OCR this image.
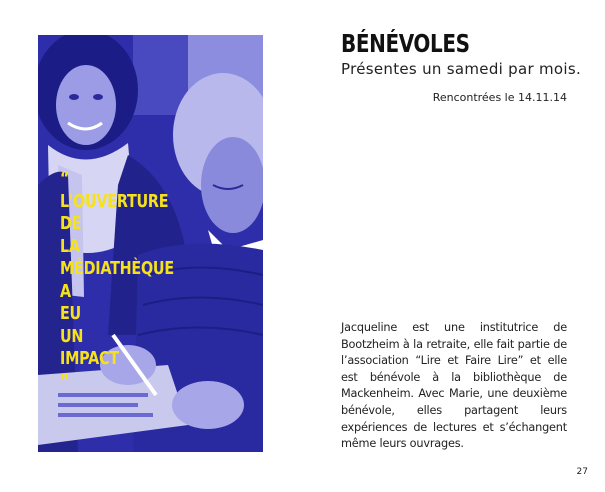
“
L'OUVERTURE
DE
LA
MÉDIATHÈQUE
A
EU
UN
IMPACT
”
BÉNÉVOLES
Présentes un samedi par mois.
Rencontrées le 14.11.14
Jacqueline est une institutrice de Bootzheim à la retraite, elle fait partie de l’association “Lire et Faire Lire” et elle est bénévole à la bibliothèque de Mackenheim. Avec Marie, une deuxième bénévole, elles partagent leurs expériences de lectures et s’échangent même leurs ouvrages.
27
